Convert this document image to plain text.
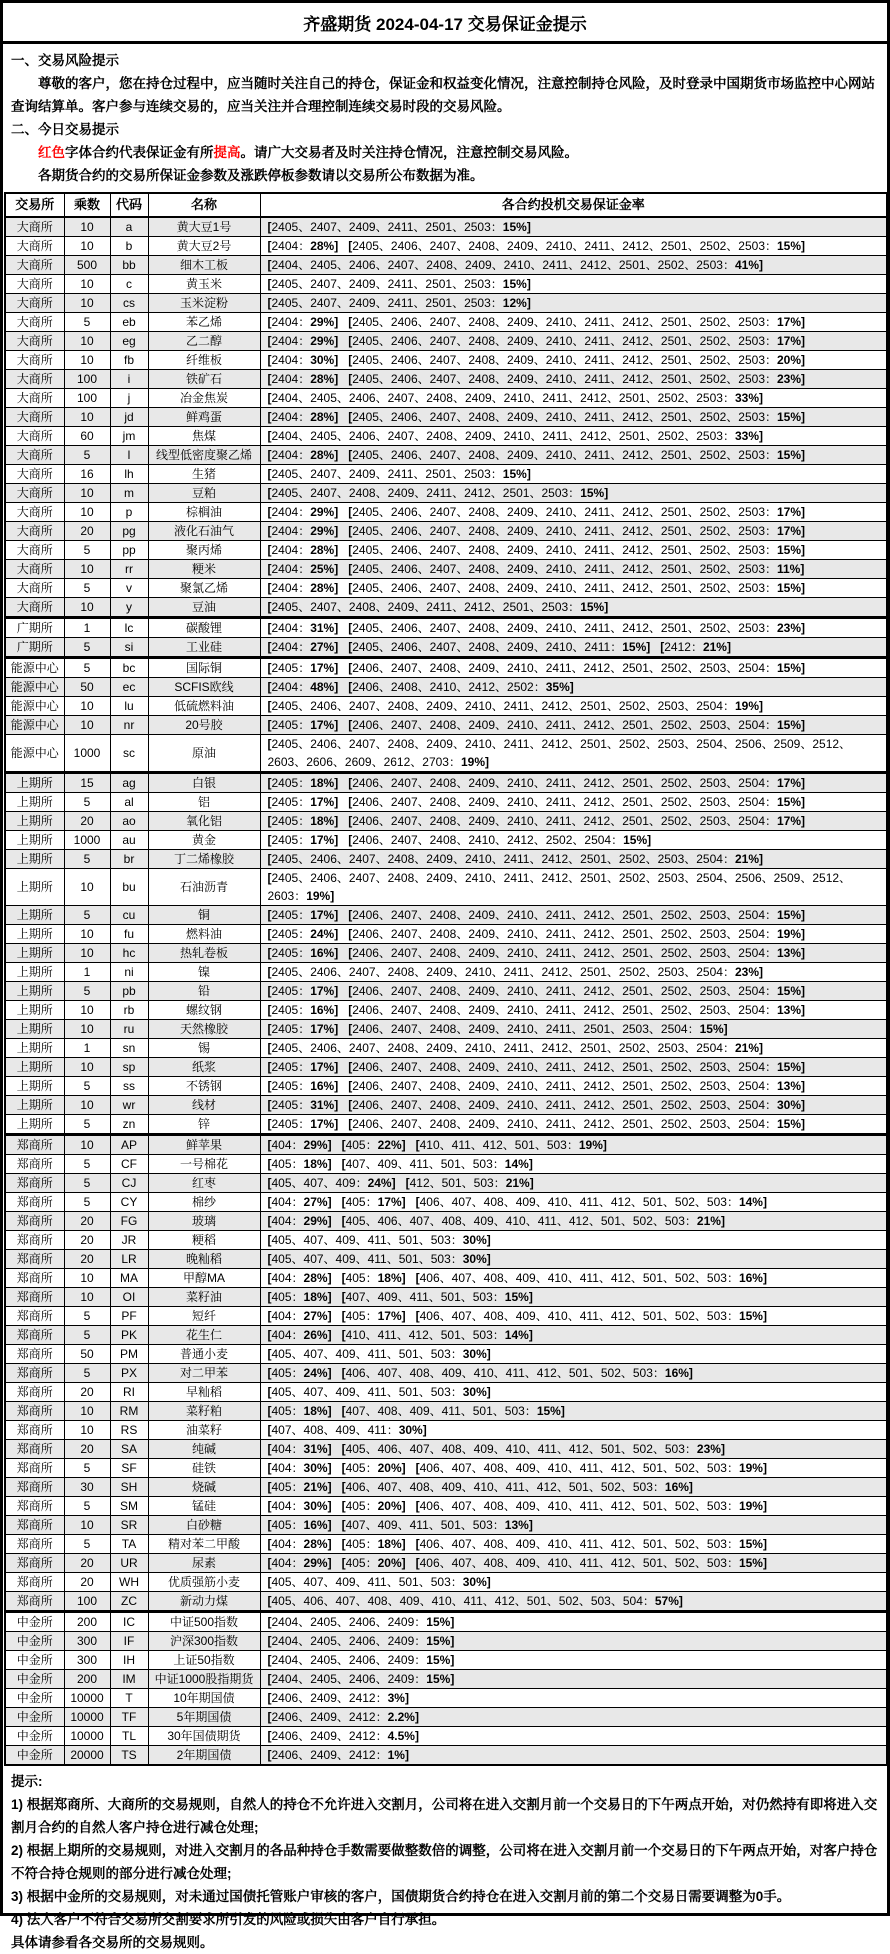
齐盛期货 2024-04-17 交易保证金提示
一、交易风险提示
尊敬的客户，您在持仓过程中，应当随时关注自己的持仓，保证金和权益变化情况，注意控制持仓风险，及时登录中国期货市场监控中心网站查询结算单。客户参与连续交易的，应当关注并合理控制连续交易时段的交易风险。
二、今日交易提示
红色字体合约代表保证金有所提高。请广大交易者及时关注持仓情况，注意控制交易风险。
各期货合约的交易所保证金参数及涨跌停板参数请以交易所公布数据为准。
交易所	乘数	代码	名称	各合约投机交易保证金率
大商所	10	a	黄大豆1号	[2405、2407、2409、2411、2501、2503：15%]
大商所	10	b	黄大豆2号	[2404：28%] [2405、2406、2407、2408、2409、2410、2411、2412、2501、2502、2503：15%]
大商所	500	bb	细木工板	[2404、2405、2406、2407、2408、2409、2410、2411、2412、2501、2502、2503：41%]
大商所	10	c	黄玉米	[2405、2407、2409、2411、2501、2503：15%]
大商所	10	cs	玉米淀粉	[2405、2407、2409、2411、2501、2503：12%]
大商所	5	eb	苯乙烯	[2404：29%] [2405、2406、2407、2408、2409、2410、2411、2412、2501、2502、2503：17%]
大商所	10	eg	乙二醇	[2404：29%] [2405、2406、2407、2408、2409、2410、2411、2412、2501、2502、2503：17%]
大商所	10	fb	纤维板	[2404：30%] [2405、2406、2407、2408、2409、2410、2411、2412、2501、2502、2503：20%]
大商所	100	i	铁矿石	[2404：28%] [2405、2406、2407、2408、2409、2410、2411、2412、2501、2502、2503：23%]
大商所	100	j	冶金焦炭	[2404、2405、2406、2407、2408、2409、2410、2411、2412、2501、2502、2503：33%]
大商所	10	jd	鲜鸡蛋	[2404：28%] [2405、2406、2407、2408、2409、2410、2411、2412、2501、2502、2503：15%]
大商所	60	jm	焦煤	[2404、2405、2406、2407、2408、2409、2410、2411、2412、2501、2502、2503：33%]
大商所	5	l	线型低密度聚乙烯	[2404：28%] [2405、2406、2407、2408、2409、2410、2411、2412、2501、2502、2503：15%]
大商所	16	lh	生猪	[2405、2407、2409、2411、2501、2503：15%]
大商所	10	m	豆粕	[2405、2407、2408、2409、2411、2412、2501、2503：15%]
大商所	10	p	棕榈油	[2404：29%] [2405、2406、2407、2408、2409、2410、2411、2412、2501、2502、2503：17%]
大商所	20	pg	液化石油气	[2404：29%] [2405、2406、2407、2408、2409、2410、2411、2412、2501、2502、2503：17%]
大商所	5	pp	聚丙烯	[2404：28%] [2405、2406、2407、2408、2409、2410、2411、2412、2501、2502、2503：15%]
大商所	10	rr	粳米	[2404：25%] [2405、2406、2407、2408、2409、2410、2411、2412、2501、2502、2503：11%]
大商所	5	v	聚氯乙烯	[2404：28%] [2405、2406、2407、2408、2409、2410、2411、2412、2501、2502、2503：15%]
大商所	10	y	豆油	[2405、2407、2408、2409、2411、2412、2501、2503：15%]
广期所	1	lc	碳酸锂	[2404：31%] [2405、2406、2407、2408、2409、2410、2411、2412、2501、2502、2503：23%]
广期所	5	si	工业硅	[2404：27%] [2405、2406、2407、2408、2409、2410、2411：15%] [2412：21%]
能源中心	5	bc	国际铜	[2405：17%] [2406、2407、2408、2409、2410、2411、2412、2501、2502、2503、2504：15%]
能源中心	50	ec	SCFIS欧线	[2404：48%] [2406、2408、2410、2412、2502：35%]
能源中心	10	lu	低硫燃料油	[2405、2406、2407、2408、2409、2410、2411、2412、2501、2502、2503、2504：19%]
能源中心	10	nr	20号胶	[2405：17%] [2406、2407、2408、2409、2410、2411、2412、2501、2502、2503、2504：15%]
能源中心	1000	sc	原油	[2405、2406、2407、2408、2409、2410、2411、2412、2501、2502、2503、2504、2506、2509、2512、2603、2606、2609、2612、2703：19%]
上期所	15	ag	白银	[2405：18%] [2406、2407、2408、2409、2410、2411、2412、2501、2502、2503、2504：17%]
上期所	5	al	铝	[2405：17%] [2406、2407、2408、2409、2410、2411、2412、2501、2502、2503、2504：15%]
上期所	20	ao	氧化铝	[2405：18%] [2406、2407、2408、2409、2410、2411、2412、2501、2502、2503、2504：17%]
上期所	1000	au	黄金	[2405：17%] [2406、2407、2408、2410、2412、2502、2504：15%]
上期所	5	br	丁二烯橡胶	[2405、2406、2407、2408、2409、2410、2411、2412、2501、2502、2503、2504：21%]
上期所	10	bu	石油沥青	[2405、2406、2407、2408、2409、2410、2411、2412、2501、2502、2503、2504、2506、2509、2512、2603：19%]
上期所	5	cu	铜	[2405：17%] [2406、2407、2408、2409、2410、2411、2412、2501、2502、2503、2504：15%]
上期所	10	fu	燃料油	[2405：24%] [2406、2407、2408、2409、2410、2411、2412、2501、2502、2503、2504：19%]
上期所	10	hc	热轧卷板	[2405：16%] [2406、2407、2408、2409、2410、2411、2412、2501、2502、2503、2504：13%]
上期所	1	ni	镍	[2405、2406、2407、2408、2409、2410、2411、2412、2501、2502、2503、2504：23%]
上期所	5	pb	铅	[2405：17%] [2406、2407、2408、2409、2410、2411、2412、2501、2502、2503、2504：15%]
上期所	10	rb	螺纹钢	[2405：16%] [2406、2407、2408、2409、2410、2411、2412、2501、2502、2503、2504：13%]
上期所	10	ru	天然橡胶	[2405：17%] [2406、2407、2408、2409、2410、2411、2501、2503、2504：15%]
上期所	1	sn	锡	[2405、2406、2407、2408、2409、2410、2411、2412、2501、2502、2503、2504：21%]
上期所	10	sp	纸浆	[2405：17%] [2406、2407、2408、2409、2410、2411、2412、2501、2502、2503、2504：15%]
上期所	5	ss	不锈钢	[2405：16%] [2406、2407、2408、2409、2410、2411、2412、2501、2502、2503、2504：13%]
上期所	10	wr	线材	[2405：31%] [2406、2407、2408、2409、2410、2411、2412、2501、2502、2503、2504：30%]
上期所	5	zn	锌	[2405：17%] [2406、2407、2408、2409、2410、2411、2412、2501、2502、2503、2504：15%]
郑商所	10	AP	鲜苹果	[404：29%] [405：22%] [410、411、412、501、503：19%]
郑商所	5	CF	一号棉花	[405：18%] [407、409、411、501、503：14%]
郑商所	5	CJ	红枣	[405、407、409：24%] [412、501、503：21%]
郑商所	5	CY	棉纱	[404：27%] [405：17%] [406、407、408、409、410、411、412、501、502、503：14%]
郑商所	20	FG	玻璃	[404：29%] [405、406、407、408、409、410、411、412、501、502、503：21%]
郑商所	20	JR	粳稻	[405、407、409、411、501、503：30%]
郑商所	20	LR	晚籼稻	[405、407、409、411、501、503：30%]
郑商所	10	MA	甲醇MA	[404：28%] [405：18%] [406、407、408、409、410、411、412、501、502、503：16%]
郑商所	10	OI	菜籽油	[405：18%] [407、409、411、501、503：15%]
郑商所	5	PF	短纤	[404：27%] [405：17%] [406、407、408、409、410、411、412、501、502、503：15%]
郑商所	5	PK	花生仁	[404：26%] [410、411、412、501、503：14%]
郑商所	50	PM	普通小麦	[405、407、409、411、501、503：30%]
郑商所	5	PX	对二甲苯	[405：24%] [406、407、408、409、410、411、412、501、502、503：16%]
郑商所	20	RI	早籼稻	[405、407、409、411、501、503：30%]
郑商所	10	RM	菜籽粕	[405：18%] [407、408、409、411、501、503：15%]
郑商所	10	RS	油菜籽	[407、408、409、411：30%]
郑商所	20	SA	纯碱	[404：31%] [405、406、407、408、409、410、411、412、501、502、503：23%]
郑商所	5	SF	硅铁	[404：30%] [405：20%] [406、407、408、409、410、411、412、501、502、503：19%]
郑商所	30	SH	烧碱	[405：21%] [406、407、408、409、410、411、412、501、502、503：16%]
郑商所	5	SM	锰硅	[404：30%] [405：20%] [406、407、408、409、410、411、412、501、502、503：19%]
郑商所	10	SR	白砂糖	[405：16%] [407、409、411、501、503：13%]
郑商所	5	TA	精对苯二甲酸	[404：28%] [405：18%] [406、407、408、409、410、411、412、501、502、503：15%]
郑商所	20	UR	尿素	[404：29%] [405：20%] [406、407、408、409、410、411、412、501、502、503：15%]
郑商所	20	WH	优质强筋小麦	[405、407、409、411、501、503：30%]
郑商所	100	ZC	新动力煤	[405、406、407、408、409、410、411、412、501、502、503、504：57%]
中金所	200	IC	中证500指数	[2404、2405、2406、2409：15%]
中金所	300	IF	沪深300指数	[2404、2405、2406、2409：15%]
中金所	300	IH	上证50指数	[2404、2405、2406、2409：15%]
中金所	200	IM	中证1000股指期货	[2404、2405、2406、2409：15%]
中金所	10000	T	10年期国债	[2406、2409、2412：3%]
中金所	10000	TF	5年期国债	[2406、2409、2412：2.2%]
中金所	10000	TL	30年国债期货	[2406、2409、2412：4.5%]
中金所	20000	TS	2年期国债	[2406、2409、2412：1%]
提示:
1) 根据郑商所、大商所的交易规则，自然人的持仓不允许进入交割月，公司将在进入交割月前一个交易日的下午两点开始，对仍然持有即将进入交割月合约的自然人客户持仓进行减仓处理;
2) 根据上期所的交易规则，对进入交割月的各品种持仓手数需要做整数倍的调整，公司将在进入交割月前一个交易日的下午两点开始，对客户持仓不符合持仓规则的部分进行减仓处理;
3) 根据中金所的交易规则，对未通过国债托管账户审核的客户，国债期货合约持仓在进入交割月前的第二个交易日需要调整为0手。
4) 法人客户不符合交易所交割要求所引发的风险或损失由客户自行承担。
具体请参看各交易所的交易规则。
